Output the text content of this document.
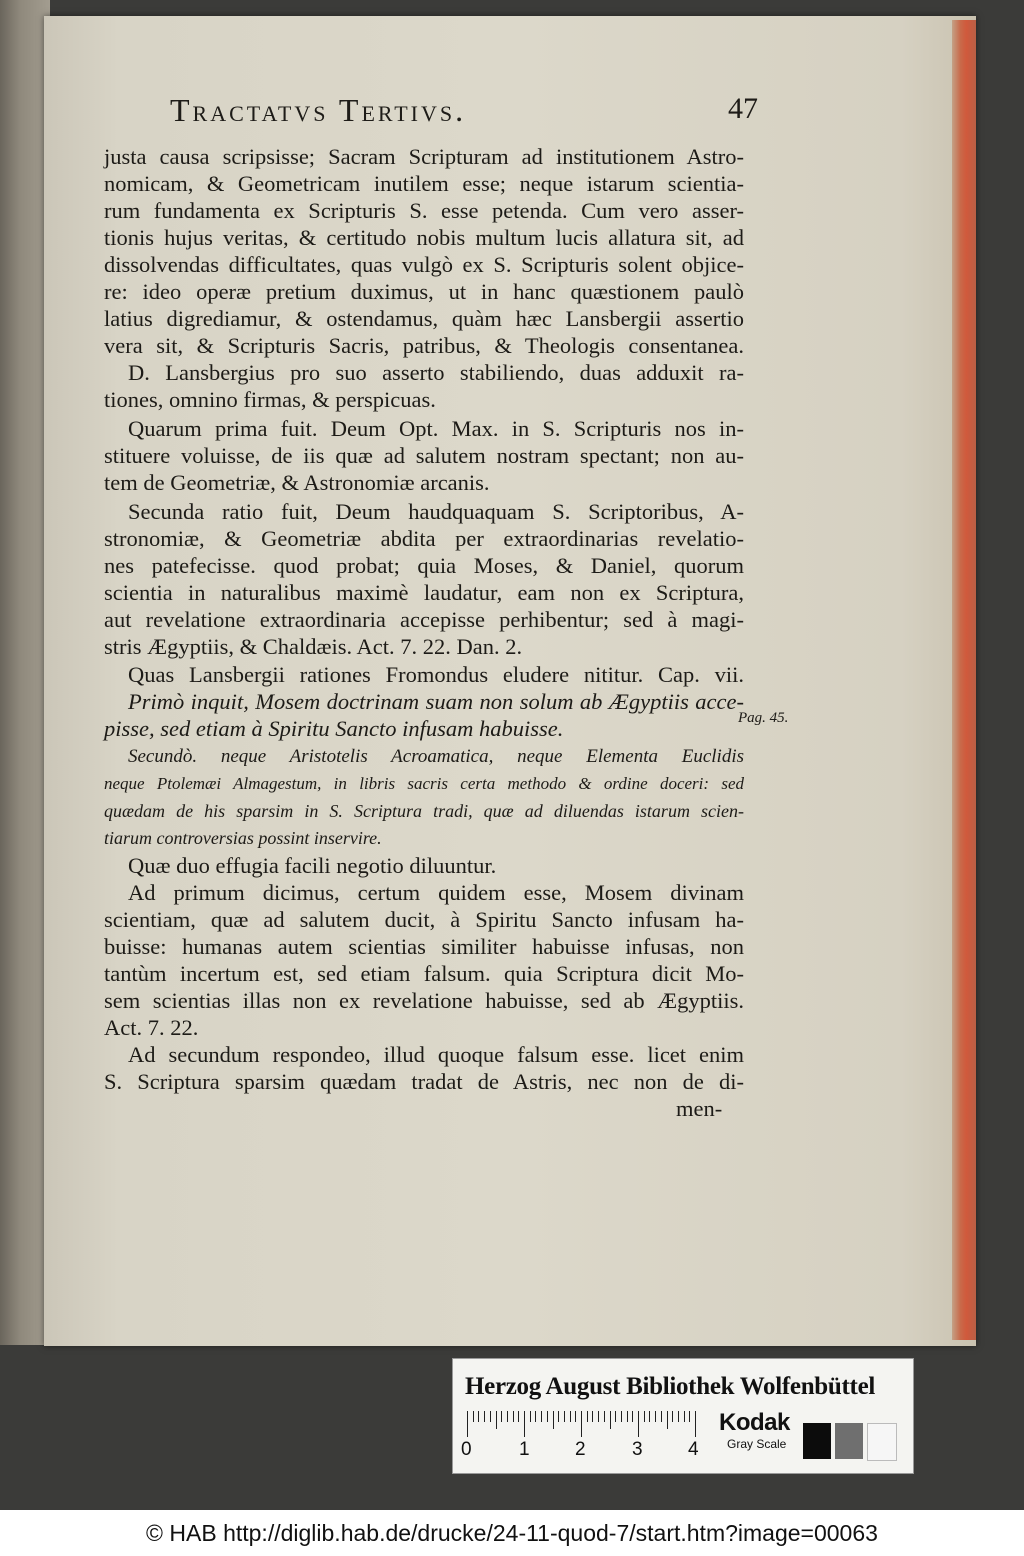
Tractatvs Tertivs.	47
justa causa scripsisse; Sacram Scripturam ad institutionem Astro-
nomicam, & Geometricam inutilem esse; neque istarum scientia-
rum fundamenta ex Scripturis S. esse petenda. Cum vero asser-
tionis hujus veritas, & certitudo nobis multum lucis allatura sit, ad
dissolvendas difficultates, quas vulgò ex S. Scripturis solent objice-
re: ideo operæ pretium duximus, ut in hanc quæstionem paulò
latius digrediamur, & ostendamus, quàm hæc Lansbergii assertio
vera sit, & Scripturis Sacris, patribus, & Theologis consentanea.
D. Lansbergius pro suo asserto stabiliendo, duas adduxit ra-
tiones, omnino firmas, & perspicuas.
Quarum prima fuit. Deum Opt. Max. in S. Scripturis nos in-
stituere voluisse, de iis quæ ad salutem nostram spectant; non au-
tem de Geometriæ, & Astronomiæ arcanis.
Secunda ratio fuit, Deum haudquaquam S. Scriptoribus, A-
stronomiæ, & Geometriæ abdita per extraordinarias revelatio-
nes patefecisse. quod probat; quia Moses, & Daniel, quorum
scientia in naturalibus maximè laudatur, eam non ex Scriptura,
aut revelatione extraordinaria accepisse perhibentur; sed à magi-
stris Ægyptiis, & Chaldæis. Act. 7. 22. Dan. 2.
Quas Lansbergii rationes Fromondus eludere nititur. Cap. vii.
Primò inquit, Mosem doctrinam suam non solum ab Ægyptiis acce-
pisse, sed etiam à Spiritu Sancto infusam habuisse.
Secundò. neque Aristotelis Acroamatica, neque Elementa Euclidis
neque Ptolemæi Almagestum, in libris sacris certa methodo & ordine doceri: sed
quædam de his sparsim in S. Scriptura tradi, quæ ad diluendas istarum scien-
tiarum controversias possint inservire.
Quæ duo effugia facili negotio diluuntur.
Ad primum dicimus, certum quidem esse, Mosem divinam
scientiam, quæ ad salutem ducit, à Spiritu Sancto infusam ha-
buisse: humanas autem scientias similiter habuisse infusas, non
tantùm incertum est, sed etiam falsum. quia Scriptura dicit Mo-
sem scientias illas non ex revelatione habuisse, sed ab Ægyptiis.
Act. 7. 22.
Ad secundum respondeo, illud quoque falsum esse. licet enim
S. Scriptura sparsim quædam tradat de Astris, nec non de di-
men-
Pag. 45.
Herzog August Bibliothek Wolfenbüttel
0 1 2 3 4
Kodak
Gray Scale
© HAB http://diglib.hab.de/drucke/24-11-quod-7/start.htm?image=00063
